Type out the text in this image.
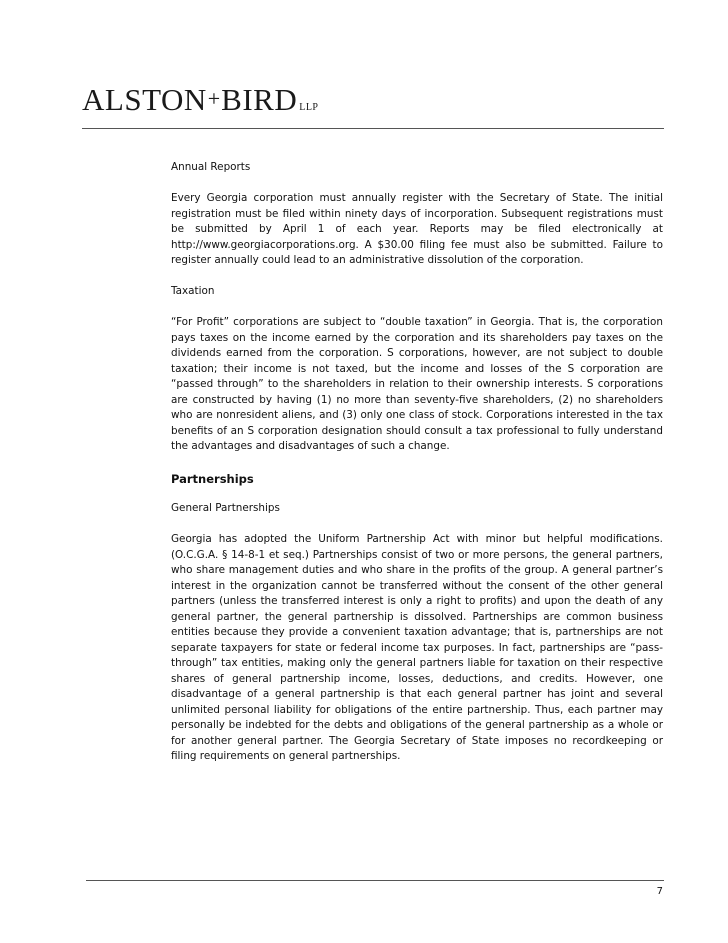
ALSTON+BIRD LLP

Annual Reports

Every Georgia corporation must annually register with the Secretary of State. The initial registration must be filed within ninety days of incorporation. Subsequent registrations must be submitted by April 1 of each year. Reports may be filed electronically at http://www.georgiacorporations.org. A $30.00 filing fee must also be submitted. Failure to register annually could lead to an administrative dissolution of the corporation.

Taxation

“For Profit” corporations are subject to “double taxation” in Georgia. That is, the corporation pays taxes on the income earned by the corporation and its shareholders pay taxes on the dividends earned from the corporation. S corporations, however, are not subject to double taxation; their income is not taxed, but the income and losses of the S corporation are “passed through” to the shareholders in relation to their ownership interests. S corporations are constructed by having (1) no more than seventy-five shareholders, (2) no shareholders who are nonresident aliens, and (3) only one class of stock. Corporations interested in the tax benefits of an S corporation designation should consult a tax professional to fully understand the advantages and disadvantages of such a change.

Partnerships

General Partnerships

Georgia has adopted the Uniform Partnership Act with minor but helpful modifications. (O.C.G.A. § 14-8-1 et seq.) Partnerships consist of two or more persons, the general partners, who share management duties and who share in the profits of the group. A general partner’s interest in the organization cannot be transferred without the consent of the other general partners (unless the transferred interest is only a right to profits) and upon the death of any general partner, the general partnership is dissolved. Partnerships are common business entities because they provide a convenient taxation advantage; that is, partnerships are not separate taxpayers for state or federal income tax purposes. In fact, partnerships are “pass-through” tax entities, making only the general partners liable for taxation on their respective shares of general partnership income, losses, deductions, and credits. However, one disadvantage of a general partnership is that each general partner has joint and several unlimited personal liability for obligations of the entire partnership. Thus, each partner may personally be indebted for the debts and obligations of the general partnership as a whole or for another general partner. The Georgia Secretary of State imposes no recordkeeping or filing requirements on general partnerships.

7
